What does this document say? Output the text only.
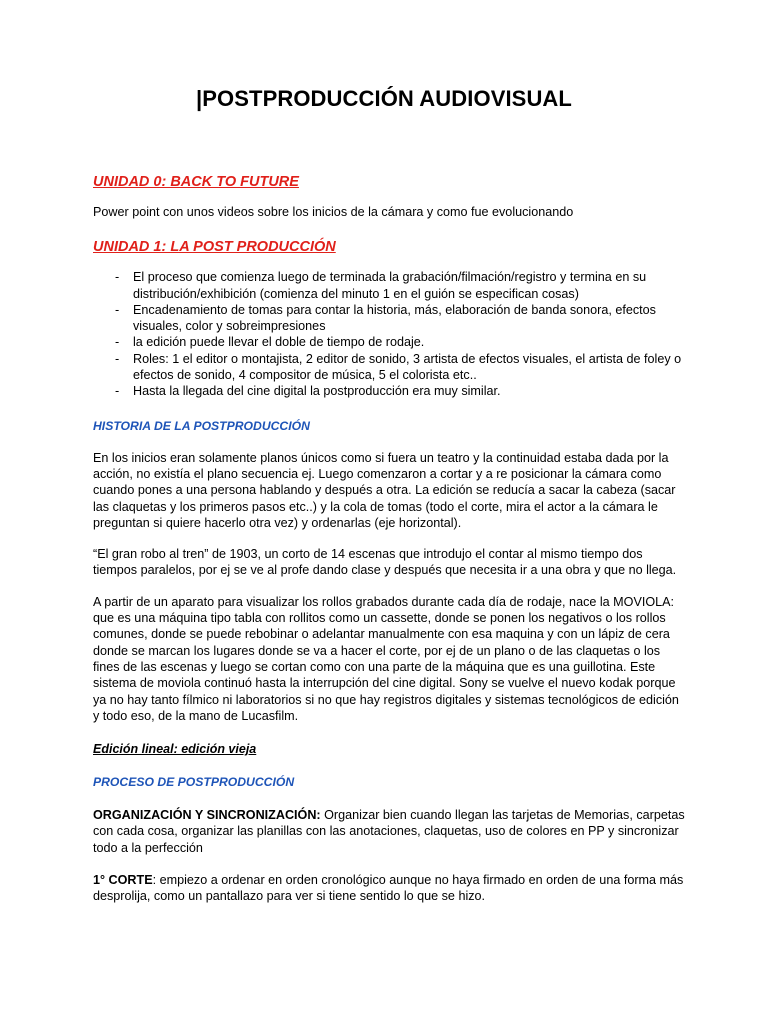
|POSTPRODUCCIÓN AUDIOVISUAL
UNIDAD 0: BACK TO FUTURE

Power point con unos videos sobre los inicios de la cámara y como fue evolucionando

UNIDAD 1: LA POST PRODUCCIÓN
-	El proceso que comienza luego de terminada la grabación/filmación/registro y termina en su distribución/exhibición (comienza del minuto 1 en el guión se especifican cosas)
-	Encadenamiento de tomas para contar la historia, más, elaboración de banda sonora, efectos visuales, color y sobreimpresiones
-	la edición puede llevar el doble de tiempo de rodaje.
-	Roles: 1 el editor o montajista, 2 editor de sonido, 3 artista de efectos visuales, el artista de foley o efectos de sonido, 4 compositor de música, 5 el colorista etc..
-	Hasta la llegada del cine digital la postproducción era muy similar.
HISTORIA DE LA POSTPRODUCCIÓN

En los inicios eran solamente planos únicos como si fuera un teatro y la continuidad estaba dada por la acción, no existía el plano secuencia ej. Luego comenzaron a cortar y a re posicionar la cámara como cuando pones a una persona hablando y después a otra. La edición se reducía a sacar la cabeza (sacar las claquetas y los primeros pasos etc..) y la cola de tomas (todo el corte, mira el actor a la cámara le preguntan si quiere hacerlo otra vez) y ordenarlas (eje horizontal).

“El gran robo al tren” de 1903, un corto de 14 escenas que introdujo el contar al mismo tiempo dos tiempos paralelos, por ej se ve al profe dando clase y después que necesita ir a una obra y que no llega.

A partir de un aparato para visualizar los rollos grabados durante cada día de rodaje, nace la MOVIOLA: que es una máquina tipo tabla con rollitos como un cassette, donde se ponen los negativos o los rollos comunes, donde se puede rebobinar o adelantar manualmente con esa maquina y con un lápiz de cera donde se marcan los lugares donde se va a hacer el corte, por ej de un plano o de las claquetas o los fines de las escenas y luego se cortan como con una parte de la máquina que es una guillotina. Este sistema de moviola continuó hasta la interrupción del cine digital. Sony se vuelve el nuevo kodak porque ya no hay tanto fílmico ni laboratorios si no que hay registros digitales y sistemas tecnológicos de edición y todo eso, de la mano de Lucasfilm.

Edición lineal: edición vieja
PROCESO DE POSTPRODUCCIÓN

ORGANIZACIÓN Y SINCRONIZACIÓN: Organizar bien cuando llegan las tarjetas de Memorias, carpetas con cada cosa, organizar las planillas con las anotaciones, claquetas, uso de colores en PP y sincronizar todo a la perfección

1° CORTE: empiezo a ordenar en orden cronológico aunque no haya firmado en orden de una forma más desprolija, como un pantallazo para ver si tiene sentido lo que se hizo.
